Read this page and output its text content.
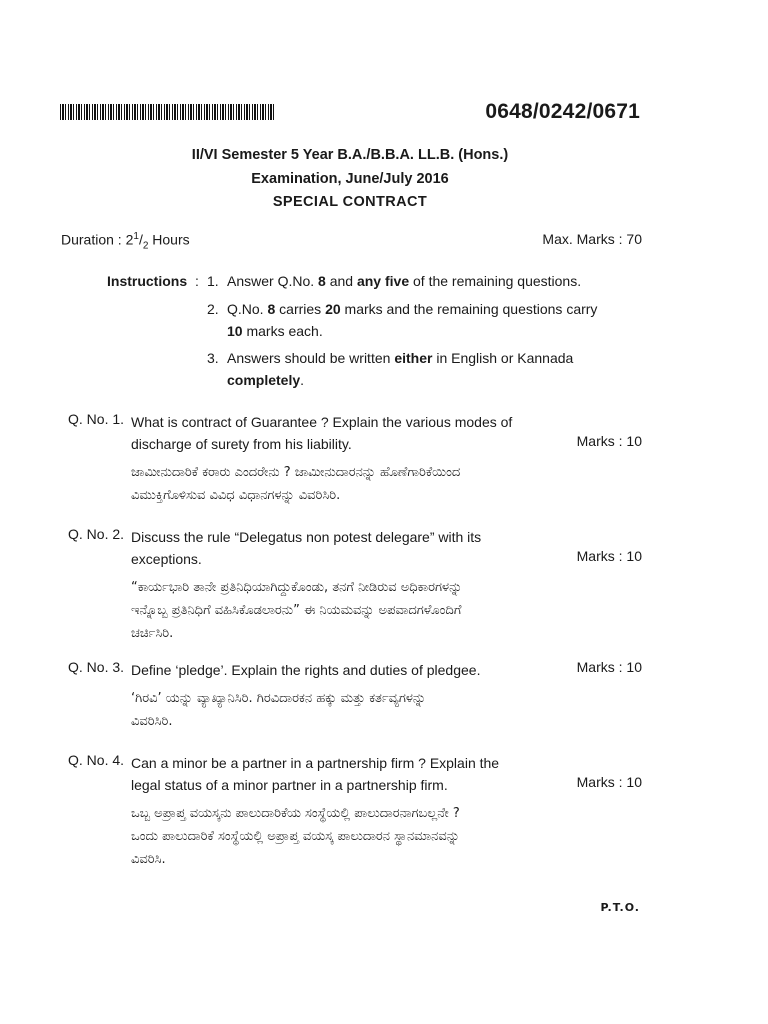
0648/0242/0671
II/VI Semester 5 Year B.A./B.B.A. LL.B. (Hons.)
Examination, June/July 2016
SPECIAL CONTRACT
Duration : $2^1/_2$ Hours	Max. Marks : 70
Instructions : 1. Answer Q.No. 8 and any five of the remaining questions.
2. Q.No. 8 carries 20 marks and the remaining questions carry
10 marks each.
3. Answers should be written either in English or Kannada
completely.
Q. No. 1. What is contract of Guarantee ? Explain the various modes of
discharge of surety from his liability.	Marks : 10
ಜಾಮೀನುದಾರಿಕೆ ಕರಾರು ಎಂದರೇನು ? ಜಾಮೀನುದಾರನನ್ನು ಹೊಣೆಗಾರಿಕೆಯಿಂದ
ವಿಮುಕ್ತಿಗೊಳಿಸುವ ವಿವಿಧ ವಿಧಾನಗಳನ್ನು ವಿವರಿಸಿರಿ.
Q. No. 2. Discuss the rule “Delegatus non potest delegare” with its
exceptions.	Marks : 10
“ಕಾರ್ಯಭಾರಿ ತಾನೇ ಪ್ರತಿನಿಧಿಯಾಗಿದ್ದುಕೊಂಡು, ತನಗೆ ನೀಡಿರುವ ಅಧಿಕಾರಗಳನ್ನು
ಇನ್ನೊಬ್ಬ ಪ್ರತಿನಿಧಿಗೆ ವಹಿಸಿಕೊಡಲಾರನು” ಈ ನಿಯಮವನ್ನು ಅಪವಾದಗಳೊಂದಿಗೆ
ಚರ್ಚಿಸಿರಿ.
Q. No. 3. Define ‘pledge’. Explain the rights and duties of pledgee.	Marks : 10
‘ಗಿರವಿ’ ಯನ್ನು ವ್ಯಾಖ್ಯಾನಿಸಿರಿ. ಗಿರವಿದಾರಕನ ಹಕ್ಕು ಮತ್ತು ಕರ್ತವ್ಯಗಳನ್ನು
ವಿವರಿಸಿರಿ.
Q. No. 4. Can a minor be a partner in a partnership firm ? Explain the
legal status of a minor partner in a partnership firm.	Marks : 10
ಒಬ್ಬ ಅಪ್ರಾಪ್ತ ವಯಸ್ಕನು ಪಾಲುದಾರಿಕೆಯ ಸಂಸ್ಥೆಯಲ್ಲಿ ಪಾಲುದಾರನಾಗಬಲ್ಲನೇ ?
ಒಂದು ಪಾಲುದಾರಿಕೆ ಸಂಸ್ಥೆಯಲ್ಲಿ ಅಪ್ರಾಪ್ತ ವಯಸ್ಕ ಪಾಲುದಾರನ ಸ್ಥಾನಮಾನವನ್ನು
ವಿವರಿಸಿ.
P.T.O.
